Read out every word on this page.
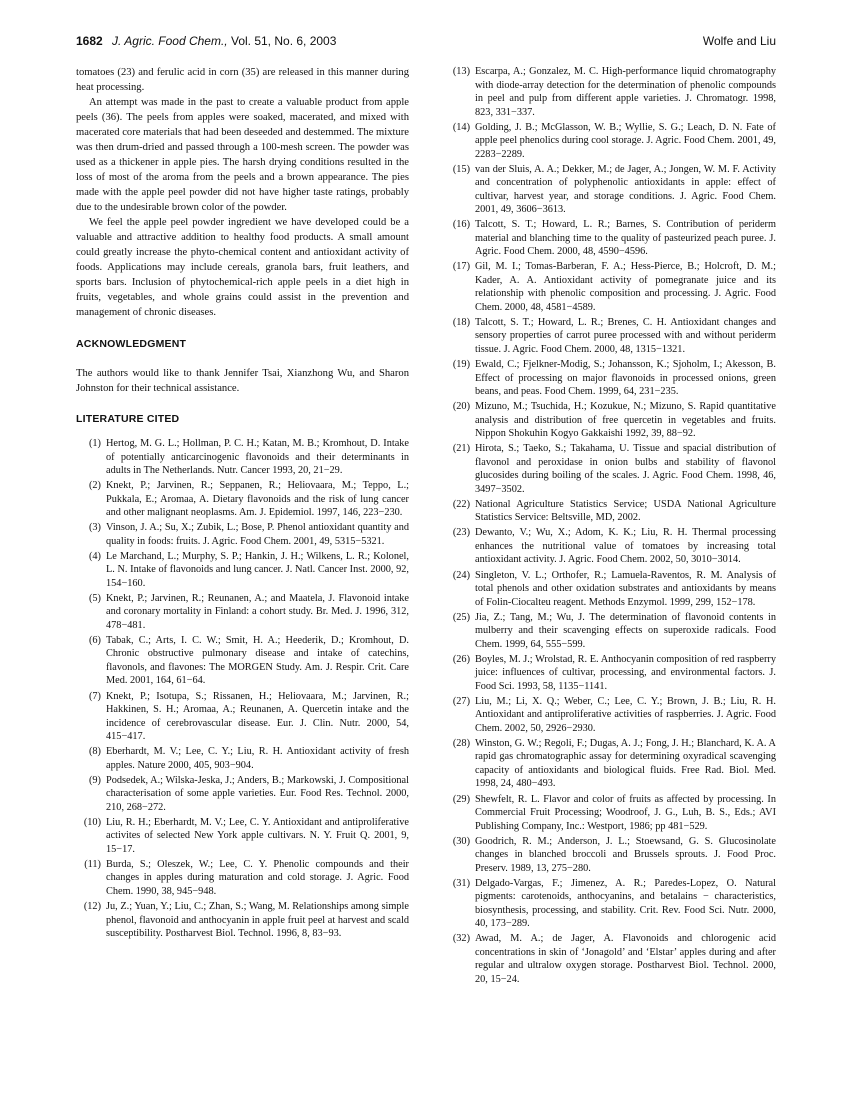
1682 J. Agric. Food Chem., Vol. 51, No. 6, 2003	Wolfe and Liu

tomatoes (23) and ferulic acid in corn (35) are released in this manner during heat processing.

An attempt was made in the past to create a valuable product from apple peels (36). The peels from apples were soaked, macerated, and mixed with macerated core materials that had been deseeded and destemmed. The mixture was then drum-dried and passed through a 100-mesh screen. The powder was used as a thickener in apple pies. The harsh drying conditions resulted in the loss of most of the aroma from the peels and a brown appearance. The pies made with the apple peel powder did not have higher taste ratings, probably due to the undesirable brown color of the powder.

We feel the apple peel powder ingredient we have developed could be a valuable and attractive addition to healthy food products. A small amount could greatly increase the phyto-chemical content and antioxidant activity of foods. Applications may include cereals, granola bars, fruit leathers, and sports bars. Inclusion of phytochemical-rich apple peels in a diet high in fruits, vegetables, and whole grains could assist in the prevention and management of chronic diseases.

ACKNOWLEDGMENT

The authors would like to thank Jennifer Tsai, Xianzhong Wu, and Sharon Johnston for their technical assistance.

LITERATURE CITED
(1) Hertog, M. G. L.; Hollman, P. C. H.; Katan, M. B.; Kromhout, D. Intake of potentially anticarcinogenic flavonoids and their determinants in adults in The Netherlands. Nutr. Cancer 1993, 20, 21−29.
(2) Knekt, P.; Jarvinen, R.; Seppanen, R.; Heliovaara, M.; Teppo, L.; Pukkala, E.; Aromaa, A. Dietary flavonoids and the risk of lung cancer and other malignant neoplasms. Am. J. Epidemiol. 1997, 146, 223−230.
(3) Vinson, J. A.; Su, X.; Zubik, L.; Bose, P. Phenol antioxidant quantity and quality in foods: fruits. J. Agric. Food Chem. 2001, 49, 5315−5321.
(4) Le Marchand, L.; Murphy, S. P.; Hankin, J. H.; Wilkens, L. R.; Kolonel, L. N. Intake of flavonoids and lung cancer. J. Natl. Cancer Inst. 2000, 92, 154−160.
(5) Knekt, P.; Jarvinen, R.; Reunanen, A.; and Maatela, J. Flavonoid intake and coronary mortality in Finland: a cohort study. Br. Med. J. 1996, 312, 478−481.
(6) Tabak, C.; Arts, I. C. W.; Smit, H. A.; Heederik, D.; Kromhout, D. Chronic obstructive pulmonary disease and intake of catechins, flavonols, and flavones: The MORGEN Study. Am. J. Respir. Crit. Care Med. 2001, 164, 61−64.
(7) Knekt, P.; Isotupa, S.; Rissanen, H.; Heliovaara, M.; Jarvinen, R.; Hakkinen, S. H.; Aromaa, A.; Reunanen, A. Quercetin intake and the incidence of cerebrovascular disease. Eur. J. Clin. Nutr. 2000, 54, 415−417.
(8) Eberhardt, M. V.; Lee, C. Y.; Liu, R. H. Antioxidant activity of fresh apples. Nature 2000, 405, 903−904.
(9) Podsedek, A.; Wilska-Jeska, J.; Anders, B.; Markowski, J. Compositional characterisation of some apple varieties. Eur. Food Res. Technol. 2000, 210, 268−272.
(10) Liu, R. H.; Eberhardt, M. V.; Lee, C. Y. Antioxidant and antiproliferative activites of selected New York apple cultivars. N. Y. Fruit Q. 2001, 9, 15−17.
(11) Burda, S.; Oleszek, W.; Lee, C. Y. Phenolic compounds and their changes in apples during maturation and cold storage. J. Agric. Food Chem. 1990, 38, 945−948.
(12) Ju, Z.; Yuan, Y.; Liu, C.; Zhan, S.; Wang, M. Relationships among simple phenol, flavonoid and anthocyanin in apple fruit peel at harvest and scald susceptibility. Postharvest Biol. Technol. 1996, 8, 83−93.
(13) Escarpa, A.; Gonzalez, M. C. High-performance liquid chromatography with diode-array detection for the determination of phenolic compounds in peel and pulp from different apple varieties. J. Chromatogr. 1998, 823, 331−337.
(14) Golding, J. B.; McGlasson, W. B.; Wyllie, S. G.; Leach, D. N. Fate of apple peel phenolics during cool storage. J. Agric. Food Chem. 2001, 49, 2283−2289.
(15) van der Sluis, A. A.; Dekker, M.; de Jager, A.; Jongen, W. M. F. Activity and concentration of polyphenolic antioxidants in apple: effect of cultivar, harvest year, and storage conditions. J. Agric. Food Chem. 2001, 49, 3606−3613.
(16) Talcott, S. T.; Howard, L. R.; Barnes, S. Contribution of periderm material and blanching time to the quality of pasteurized peach puree. J. Agric. Food Chem. 2000, 48, 4590−4596.
(17) Gil, M. I.; Tomas-Barberan, F. A.; Hess-Pierce, B.; Holcroft, D. M.; Kader, A. A. Antioxidant activity of pomegranate juice and its relationship with phenolic composition and processing. J. Agric. Food Chem. 2000, 48, 4581−4589.
(18) Talcott, S. T.; Howard, L. R.; Brenes, C. H. Antioxidant changes and sensory properties of carrot puree processed with and without periderm tissue. J. Agric. Food Chem. 2000, 48, 1315−1321.
(19) Ewald, C.; Fjelkner-Modig, S.; Johansson, K.; Sjoholm, I.; Akesson, B. Effect of processing on major flavonoids in processed onions, green beans, and peas. Food Chem. 1999, 64, 231−235.
(20) Mizuno, M.; Tsuchida, H.; Kozukue, N.; Mizuno, S. Rapid quantitative analysis and distribution of free quercetin in vegetables and fruits. Nippon Shokuhin Kogyo Gakkaishi 1992, 39, 88−92.
(21) Hirota, S.; Taeko, S.; Takahama, U. Tissue and spacial distribution of flavonol and peroxidase in onion bulbs and stability of flavonol glucosides during boiling of the scales. J. Agric. Food Chem. 1998, 46, 3497−3502.
(22) National Agriculture Statistics Service; USDA National Agriculture Statistics Service: Beltsville, MD, 2002.
(23) Dewanto, V.; Wu, X.; Adom, K. K.; Liu, R. H. Thermal processing enhances the nutritional value of tomatoes by increasing total antioxidant activity. J. Agric. Food Chem. 2002, 50, 3010−3014.
(24) Singleton, V. L.; Orthofer, R.; Lamuela-Raventos, R. M. Analysis of total phenols and other oxidation substrates and antioxidants by means of Folin-Ciocalteu reagent. Methods Enzymol. 1999, 299, 152−178.
(25) Jia, Z.; Tang, M.; Wu, J. The determination of flavonoid contents in mulberry and their scavenging effects on superoxide radicals. Food Chem. 1999, 64, 555−599.
(26) Boyles, M. J.; Wrolstad, R. E. Anthocyanin composition of red raspberry juice: influences of cultivar, processing, and environmental factors. J. Food Sci. 1993, 58, 1135−1141.
(27) Liu, M.; Li, X. Q.; Weber, C.; Lee, C. Y.; Brown, J. B.; Liu, R. H. Antioxidant and antiproliferative activities of raspberries. J. Agric. Food Chem. 2002, 50, 2926−2930.
(28) Winston, G. W.; Regoli, F.; Dugas, A. J.; Fong, J. H.; Blanchard, K. A. A rapid gas chromatographic assay for determining oxyradical scavenging capacity of antioxidants and biological fluids. Free Rad. Biol. Med. 1998, 24, 480−493.
(29) Shewfelt, R. L. Flavor and color of fruits as affected by processing. In Commercial Fruit Processing; Woodroof, J. G., Luh, B. S., Eds.; AVI Publishing Company, Inc.: Westport, 1986; pp 481−529.
(30) Goodrich, R. M.; Anderson, J. L.; Stoewsand, G. S. Glucosinolate changes in blanched broccoli and Brussels sprouts. J. Food Proc. Preserv. 1989, 13, 275−280.
(31) Delgado-Vargas, F.; Jimenez, A. R.; Paredes-Lopez, O. Natural pigments: carotenoids, anthocyanins, and betalains − characteristics, biosynthesis, processing, and stability. Crit. Rev. Food Sci. Nutr. 2000, 40, 173−289.
(32) Awad, M. A.; de Jager, A. Flavonoids and chlorogenic acid concentrations in skin of ‘Jonagold’ and ‘Elstar’ apples during and after regular and ultralow oxygen storage. Postharvest Biol. Technol. 2000, 20, 15−24.
